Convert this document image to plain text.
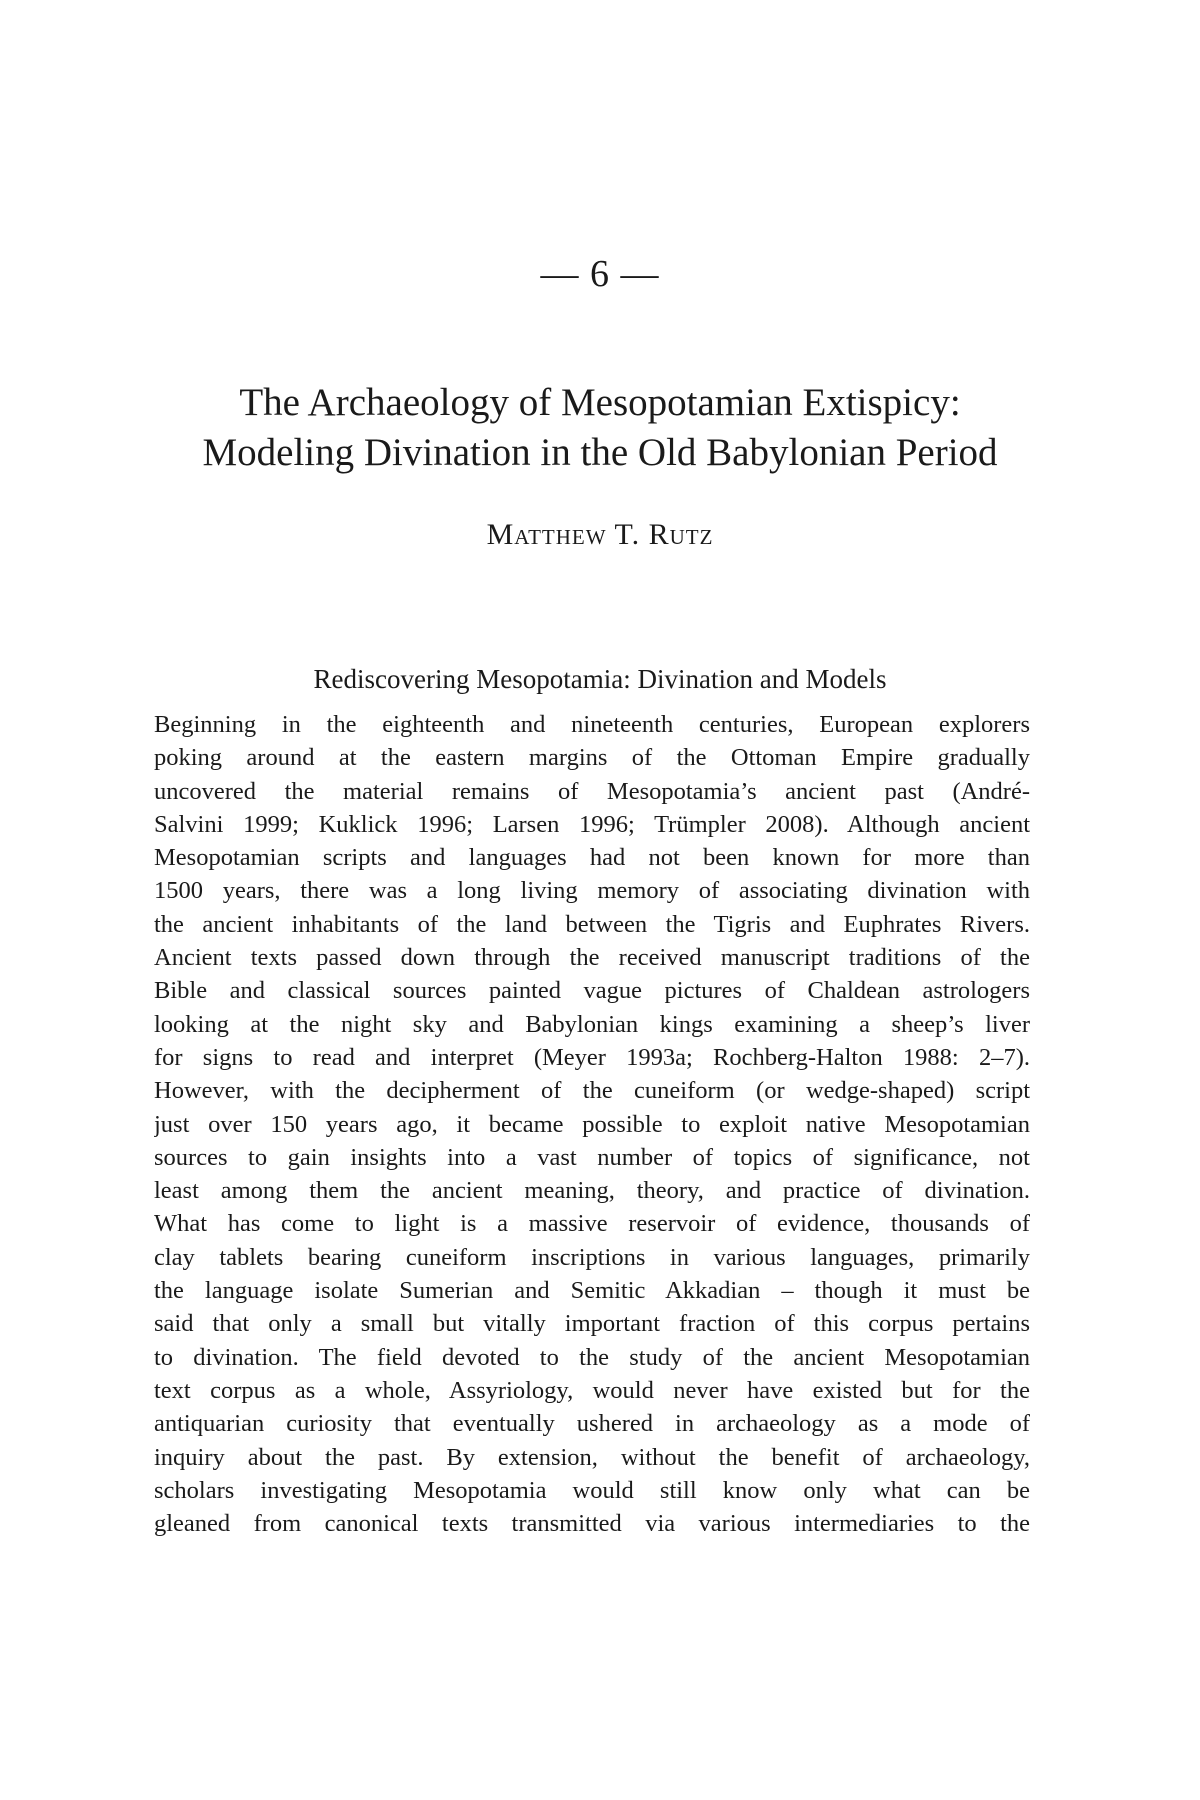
— 6 —
The Archaeology of Mesopotamian Extispicy:
Modeling Divination in the Old Babylonian Period
Matthew T. Rutz
Rediscovering Mesopotamia: Divination and Models
Beginning in the eighteenth and nineteenth centuries, European explorers
poking around at the eastern margins of the Ottoman Empire gradually
uncovered the material remains of Mesopotamia’s ancient past (André-
Salvini 1999; Kuklick 1996; Larsen 1996; Trümpler 2008). Although ancient
Mesopotamian scripts and languages had not been known for more than
1500 years, there was a long living memory of associating divination with
the ancient inhabitants of the land between the Tigris and Euphrates Rivers.
Ancient texts passed down through the received manuscript traditions of the
Bible and classical sources painted vague pictures of Chaldean astrologers
looking at the night sky and Babylonian kings examining a sheep’s liver
for signs to read and interpret (Meyer 1993a; Rochberg-Halton 1988: 2–7).
However, with the decipherment of the cuneiform (or wedge-shaped) script
just over 150 years ago, it became possible to exploit native Mesopotamian
sources to gain insights into a vast number of topics of significance, not
least among them the ancient meaning, theory, and practice of divination.
What has come to light is a massive reservoir of evidence, thousands of
clay tablets bearing cuneiform inscriptions in various languages, primarily
the language isolate Sumerian and Semitic Akkadian – though it must be
said that only a small but vitally important fraction of this corpus pertains
to divination. The field devoted to the study of the ancient Mesopotamian
text corpus as a whole, Assyriology, would never have existed but for the
antiquarian curiosity that eventually ushered in archaeology as a mode of
inquiry about the past. By extension, without the benefit of archaeology,
scholars investigating Mesopotamia would still know only what can be
gleaned from canonical texts transmitted via various intermediaries to the
